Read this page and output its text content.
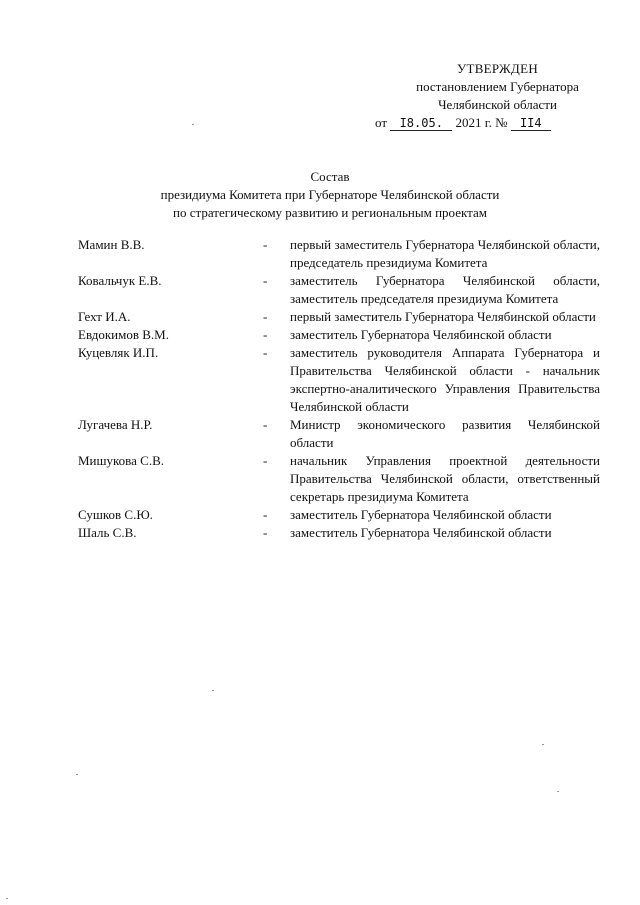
УТВЕРЖДЕН
постановлением Губернатора
Челябинской области
от I8.05. 2021 г. № II4
Состав
президиума Комитета при Губернаторе Челябинской области
по стратегическому развитию и региональным проектам
Мамин В.В.	-	первый заместитель Губернатора Челябинской области, председатель президиума Комитета
Ковальчук Е.В.	-	заместитель Губернатора Челябинской области, заместитель председателя президиума Комитета
Гехт И.А.	-	первый заместитель Губернатора Челябинской области
Евдокимов В.М.	-	заместитель Губернатора Челябинской области
Куцевляк И.П.	-	заместитель руководителя Аппарата Губернатора и Правительства Челябинской области - начальник экспертно-аналитического Управления Правительства Челябинской области
Лугачева Н.Р.	-	Министр экономического развития Челябинской области
Мишукова С.В.	-	начальник Управления проектной деятельности Правительства Челябинской области, ответственный секретарь президиума Комитета
Сушков С.Ю.	-	заместитель Губернатора Челябинской области
Шаль С.В.	-	заместитель Губернатора Челябинской области
